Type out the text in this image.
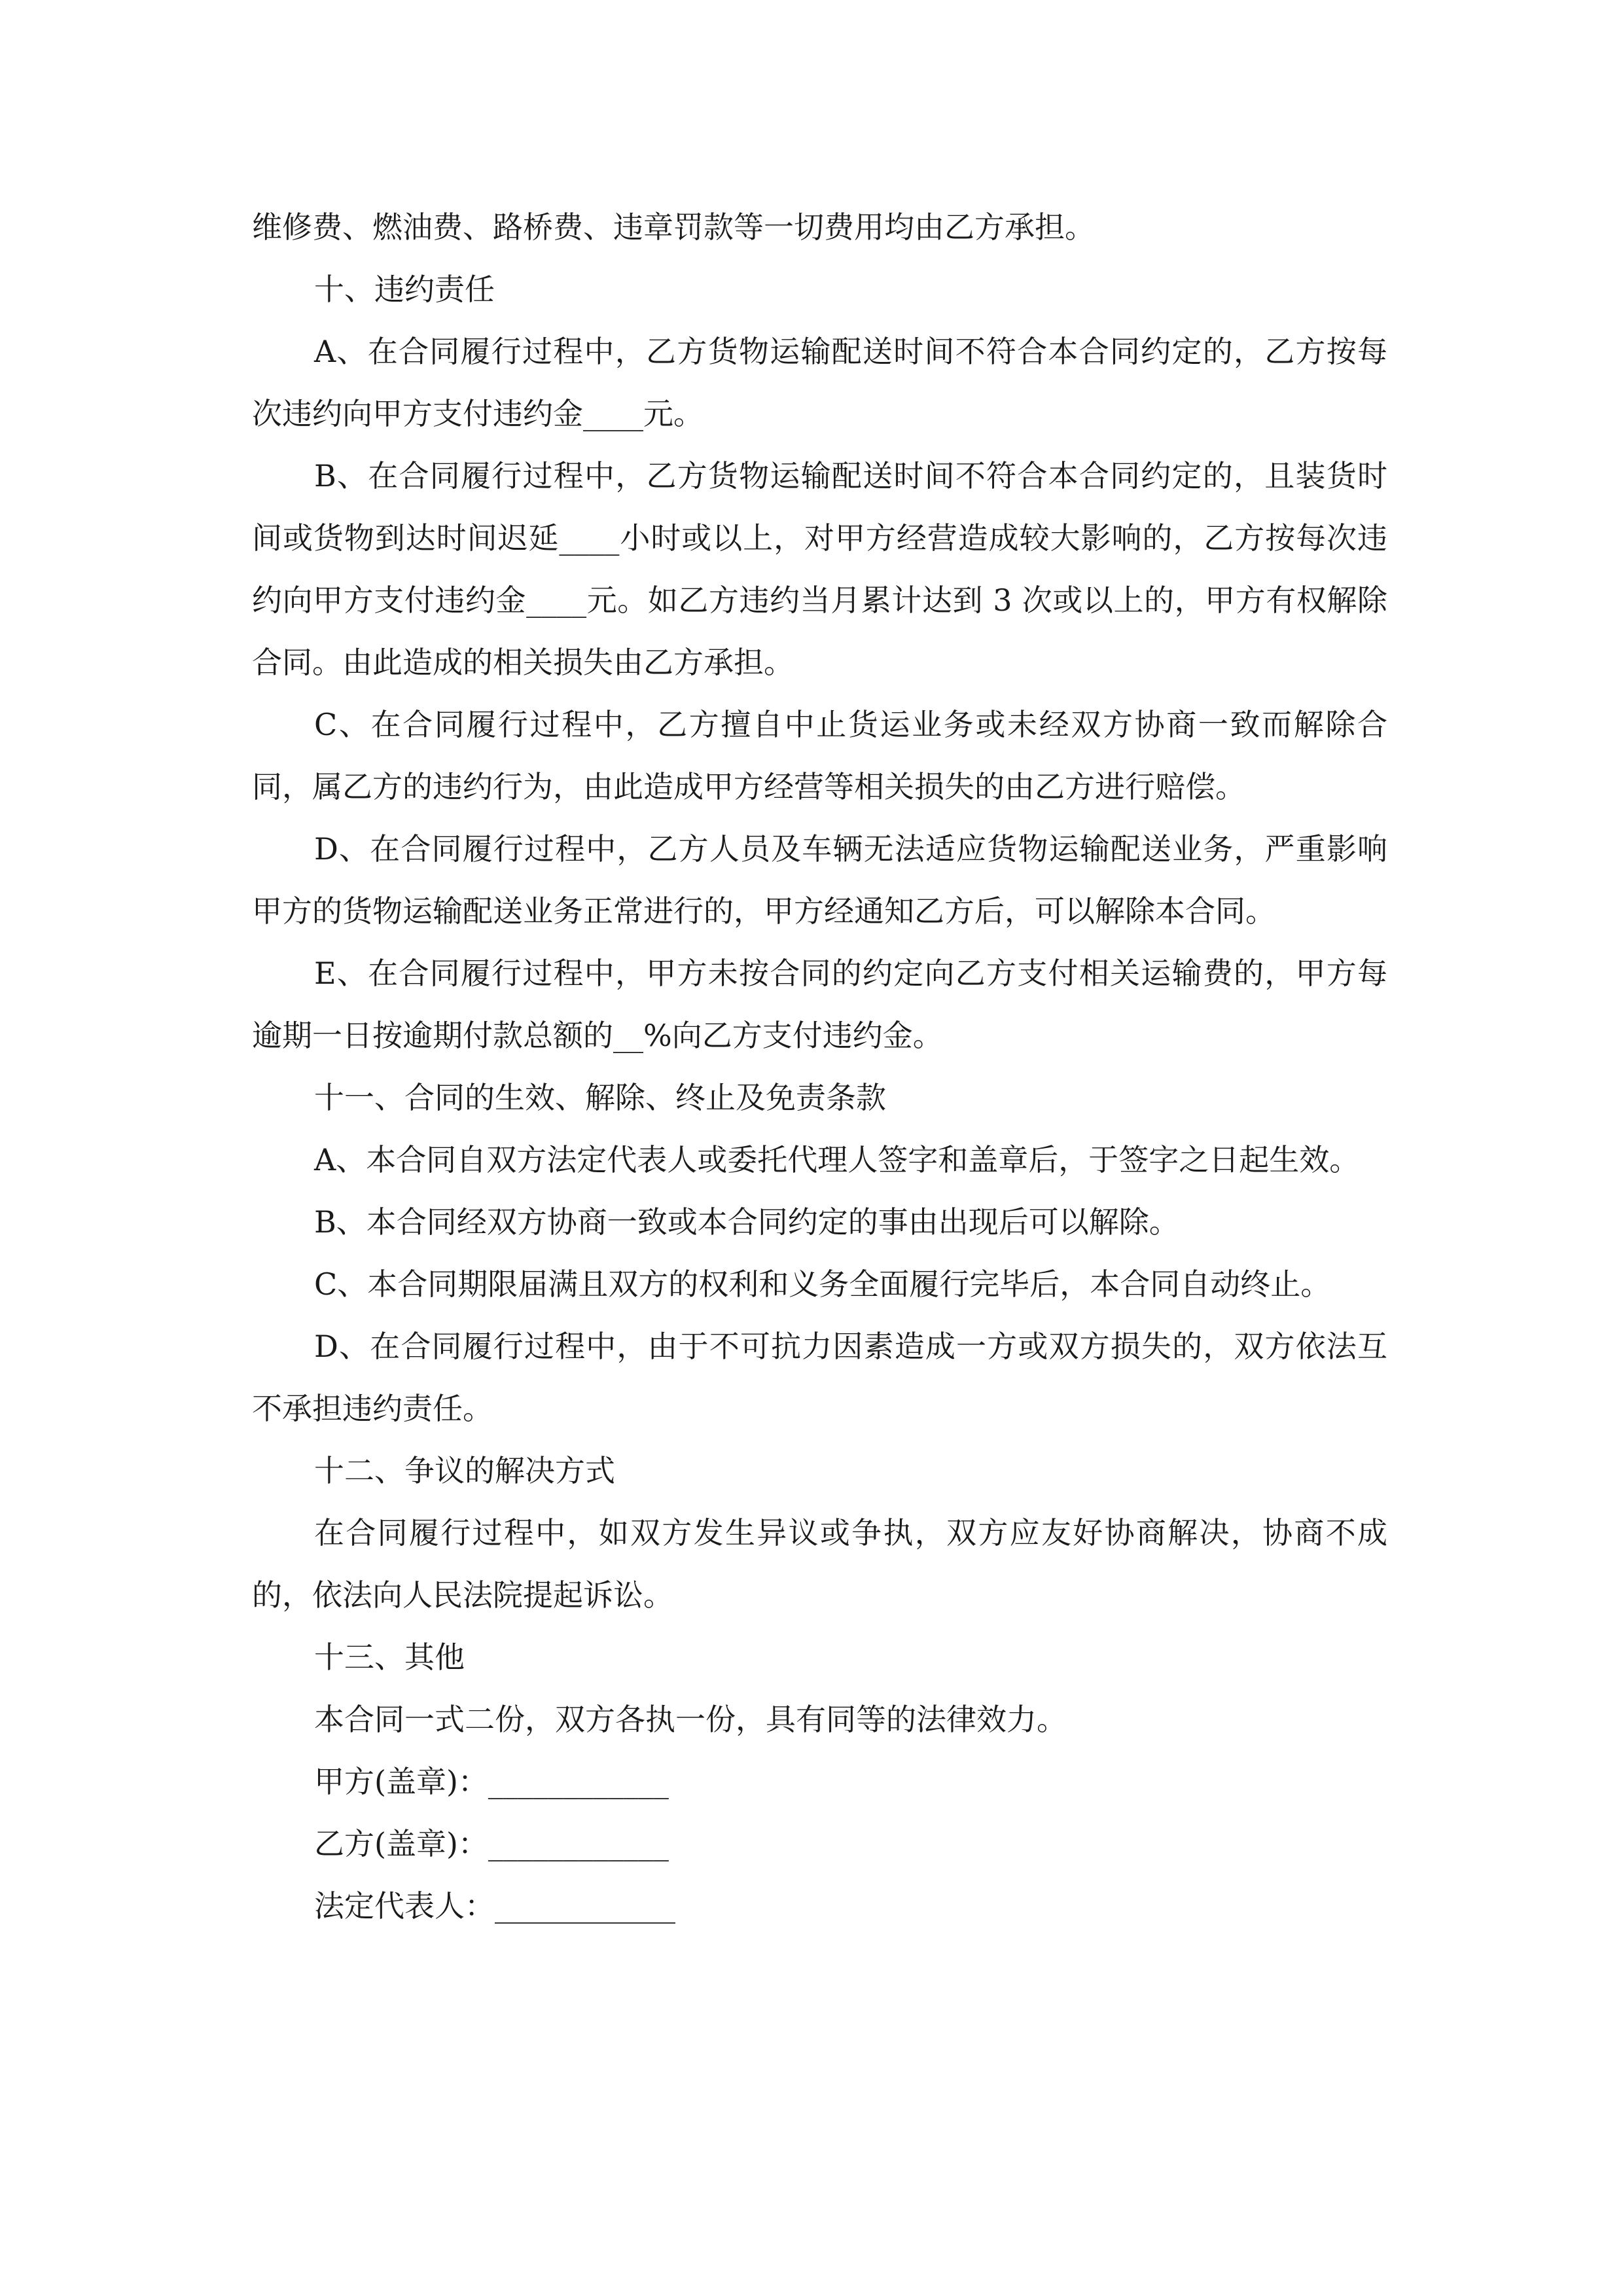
维修费、燃油费、路桥费、违章罚款等一切费用均由乙方承担。

十、违约责任

A、在合同履行过程中，乙方货物运输配送时间不符合本合同约定的，乙方按每次违约向甲方支付违约金____元。

B、在合同履行过程中，乙方货物运输配送时间不符合本合同约定的，且装货时间或货物到达时间迟延____小时或以上，对甲方经营造成较大影响的，乙方按每次违约向甲方支付违约金____元。如乙方违约当月累计达到 3 次或以上的，甲方有权解除合同。由此造成的相关损失由乙方承担。

C、在合同履行过程中，乙方擅自中止货运业务或未经双方协商一致而解除合同，属乙方的违约行为，由此造成甲方经营等相关损失的由乙方进行赔偿。

D、在合同履行过程中，乙方人员及车辆无法适应货物运输配送业务，严重影响甲方的货物运输配送业务正常进行的，甲方经通知乙方后，可以解除本合同。

E、在合同履行过程中，甲方未按合同的约定向乙方支付相关运输费的，甲方每逾期一日按逾期付款总额的__%向乙方支付违约金。

十一、合同的生效、解除、终止及免责条款

A、本合同自双方法定代表人或委托代理人签字和盖章后，于签字之日起生效。

B、本合同经双方协商一致或本合同约定的事由出现后可以解除。

C、本合同期限届满且双方的权利和义务全面履行完毕后，本合同自动终止。

D、在合同履行过程中，由于不可抗力因素造成一方或双方损失的，双方依法互不承担违约责任。

十二、争议的解决方式

在合同履行过程中，如双方发生异议或争执，双方应友好协商解决，协商不成的，依法向人民法院提起诉讼。

十三、其他

本合同一式二份，双方各执一份，具有同等的法律效力。

甲方(盖章)：____________

乙方(盖章)：____________

法定代表人：____________
